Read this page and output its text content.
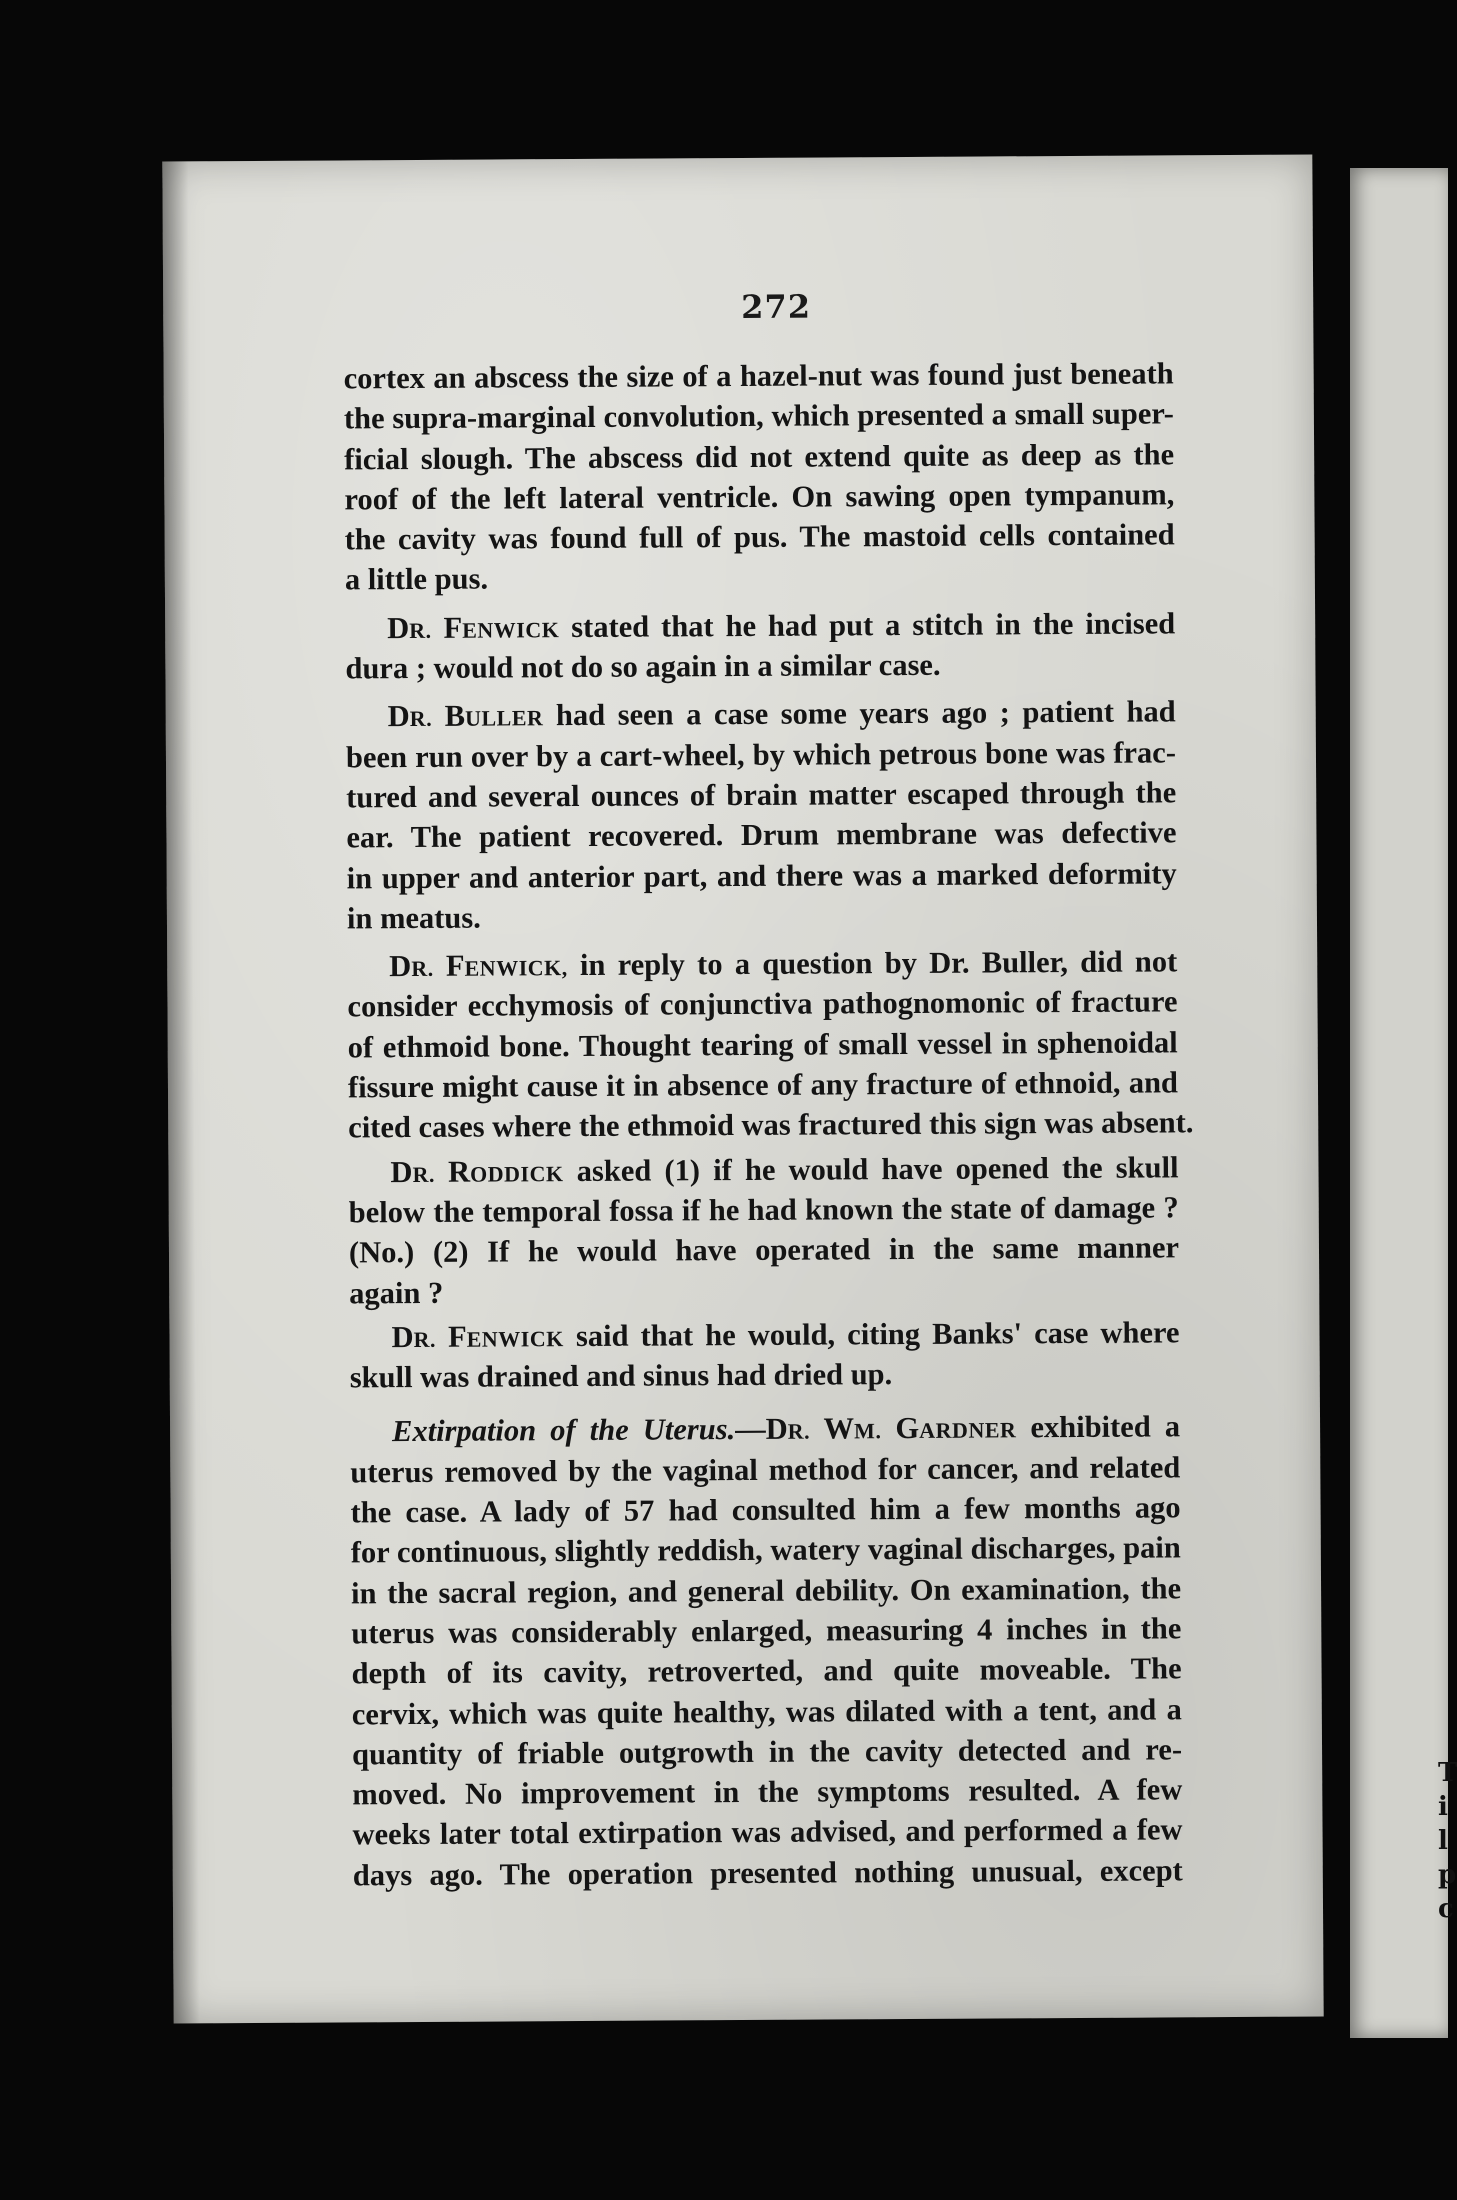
T
i
l
p
c
272
cortex an abscess the size of a hazel-nut was found just beneath
the supra-marginal convolution, which presented a small super-
ficial slough. The abscess did not extend quite as deep as the
roof of the left lateral ventricle. On sawing open tympanum,
the cavity was found full of pus. The mastoid cells contained
a little pus.
DR. FENWICK stated that he had put a stitch in the incised
dura ; would not do so again in a similar case.
DR. BULLER had seen a case some years ago ; patient had
been run over by a cart-wheel, by which petrous bone was frac-
tured and several ounces of brain matter escaped through the
ear. The patient recovered. Drum membrane was defective
in upper and anterior part, and there was a marked deformity
in meatus.
DR. FENWICK, in reply to a question by Dr. Buller, did not
consider ecchymosis of conjunctiva pathognomonic of fracture
of ethmoid bone. Thought tearing of small vessel in sphenoidal
fissure might cause it in absence of any fracture of ethnoid, and
cited cases where the ethmoid was fractured this sign was absent.
DR. RODDICK asked (1) if he would have opened the skull
below the temporal fossa if he had known the state of damage ?
(No.) (2) If he would have operated in the same manner
again ?
DR. FENWICK said that he would, citing Banks' case where
skull was drained and sinus had dried up.
Extirpation of the Uterus.—DR. WM. GARDNER exhibited a
uterus removed by the vaginal method for cancer, and related
the case. A lady of 57 had consulted him a few months ago
for continuous, slightly reddish, watery vaginal discharges, pain
in the sacral region, and general debility. On examination, the
uterus was considerably enlarged, measuring 4 inches in the
depth of its cavity, retroverted, and quite moveable. The
cervix, which was quite healthy, was dilated with a tent, and a
quantity of friable outgrowth in the cavity detected and re-
moved. No improvement in the symptoms resulted. A few
weeks later total extirpation was advised, and performed a few
days ago. The operation presented nothing unusual, except
